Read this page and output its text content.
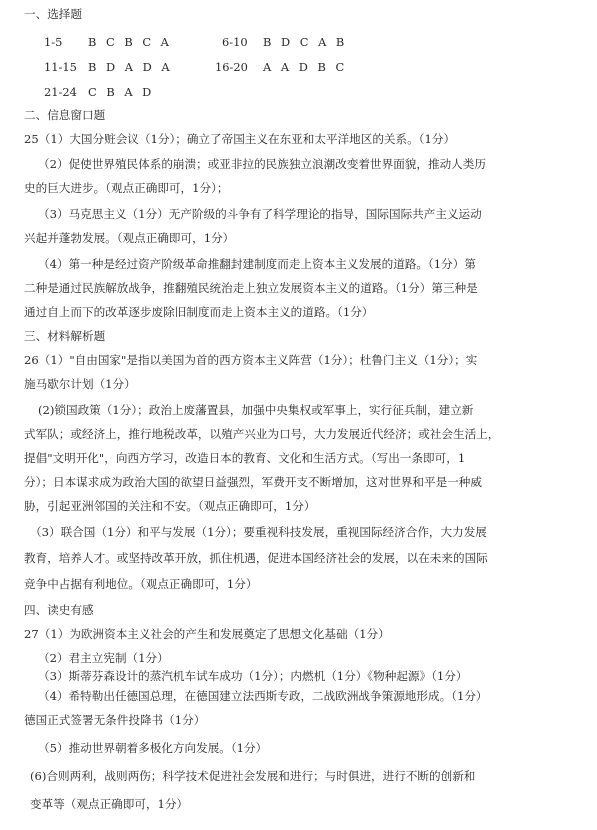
一、选择题
1-5 B C B C A	6-10 B D C A B
11-15 B D A D A	16-20 A A D B C
21-24 C B A D
二、信息窗口题
25（1）大国分赃会议（1分）；确立了帝国主义在东亚和太平洋地区的关系。（1分）
（2）促使世界殖民体系的崩溃；或亚非拉的民族独立浪潮改变着世界面貌，推动人类历
史的巨大进步。（观点正确即可，1分）；
（3）马克思主义（1分）无产阶级的斗争有了科学理论的指导，国际国际共产主义运动
兴起并蓬勃发展。（观点正确即可，1分）
（4）第一种是经过资产阶级革命推翻封建制度而走上资本主义发展的道路。（1分）第
二种是通过民族解放战争，推翻殖民统治走上独立发展资本主义的道路。（1分）第三种是
通过自上而下的改革逐步废除旧制度而走上资本主义的道路。（1分）
三、材料解析题
26（1）"自由国家"是指以美国为首的西方资本主义阵营（1分）；杜鲁门主义（1分）；实
施马歇尔计划（1分）
(2)锁国政策（1分）；政治上废藩置县，加强中央集权或军事上，实行征兵制，建立新
式军队；或经济上，推行地税改革，以殖产兴业为口号，大力发展近代经济；或社会生活上，
提倡"文明开化"，向西方学习，改造日本的教育、文化和生活方式。（写出一条即可，1
分）；日本谋求成为政治大国的欲望日益强烈，军费开支不断增加，这对世界和平是一种威
胁，引起亚洲邻国的关注和不安。（观点正确即可，1分）
（3）联合国（1分）和平与发展（1分）；要重视科技发展，重视国际经济合作，大力发展
教育，培养人才。或坚持改革开放，抓住机遇，促进本国经济社会的发展，以在未来的国际
竞争中占据有利地位。（观点正确即可，1分）
四、读史有感
27（1）为欧洲资本主义社会的产生和发展奠定了思想文化基础（1分）
（2）君主立宪制（1分）
（3）斯蒂芬森设计的蒸汽机车试车成功（1分）；内燃机（1分）《物种起源》（1分）
（4）希特勒出任德国总理，在德国建立法西斯专政，二战欧洲战争策源地形成。（1分）
德国正式签署无条件投降书（1分）
（5）推动世界朝着多极化方向发展。（1分）
(6)合则两利，战则两伤；科学技术促进社会发展和进行；与时俱进，进行不断的创新和
变革等（观点正确即可，1分）
